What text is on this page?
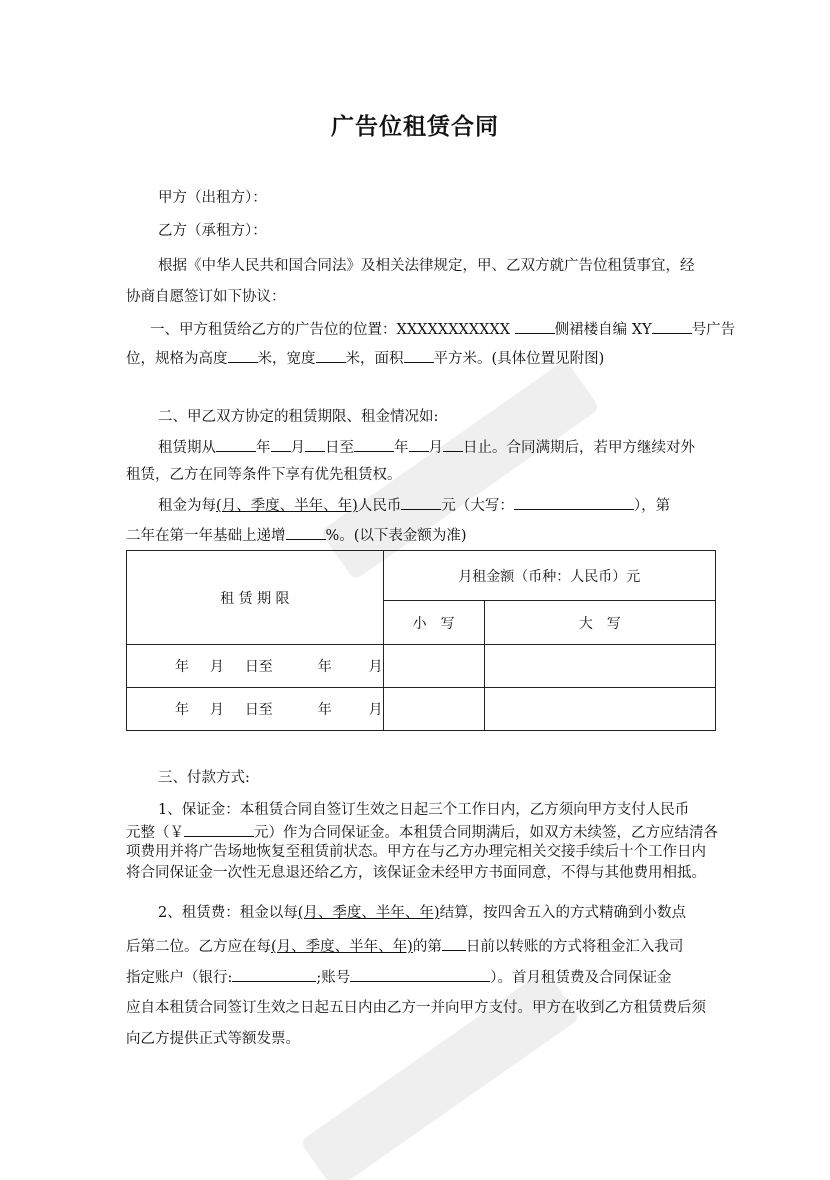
广告位租赁合同
甲方（出租方）：
乙方（承租方）：
根据《中华人民共和国合同法》及相关法律规定，甲、乙双方就广告位租赁事宜，经
协商自愿签订如下协议：
一、甲方租赁给乙方的广告位的位置：XXXXXXXXXXX	侧裙楼自编 XY	号广告
位，规格为高度 米，宽度 米，面积 平方米。(具体位置见附图)
二、甲乙双方协定的租赁期限、租金情况如:
租赁期从	年 月 日至	年 月 日止。合同满期后，若甲方继续对外
租赁，乙方在同等条件下享有优先租赁权。
租金为每(月、季度、半年、年)人民币	元（大写：	），第
二年在第一年基础上递增	%。(以下表金额为准)
租 赁 期 限	月租金额（币种：人民币）元	
	小　写	大　写
年 月 日至 年 月		
年 月 日至 年 月		
三、付款方式:
1、保证金：本租赁合同自签订生效之日起三个工作日内，乙方须向甲方支付人民币
元整（￥	元）作为合同保证金。本租赁合同期满后，如双方未续签，乙方应结清各
项费用并将广告场地恢复至租赁前状态。甲方在与乙方办理完相关交接手续后十个工作日内
将合同保证金一次性无息退还给乙方，该保证金未经甲方书面同意，不得与其他费用相抵。
2、租赁费：租金以每(月、季度、半年、年)结算，按四舍五入的方式精确到小数点
后第二位。乙方应在每(月、季度、半年、年)的第 日前以转账的方式将租金汇入我司
指定账户（银行:	;账号	）。首月租赁费及合同保证金
应自本租赁合同签订生效之日起五日内由乙方一并向甲方支付。甲方在收到乙方租赁费后须
向乙方提供正式等额发票。
